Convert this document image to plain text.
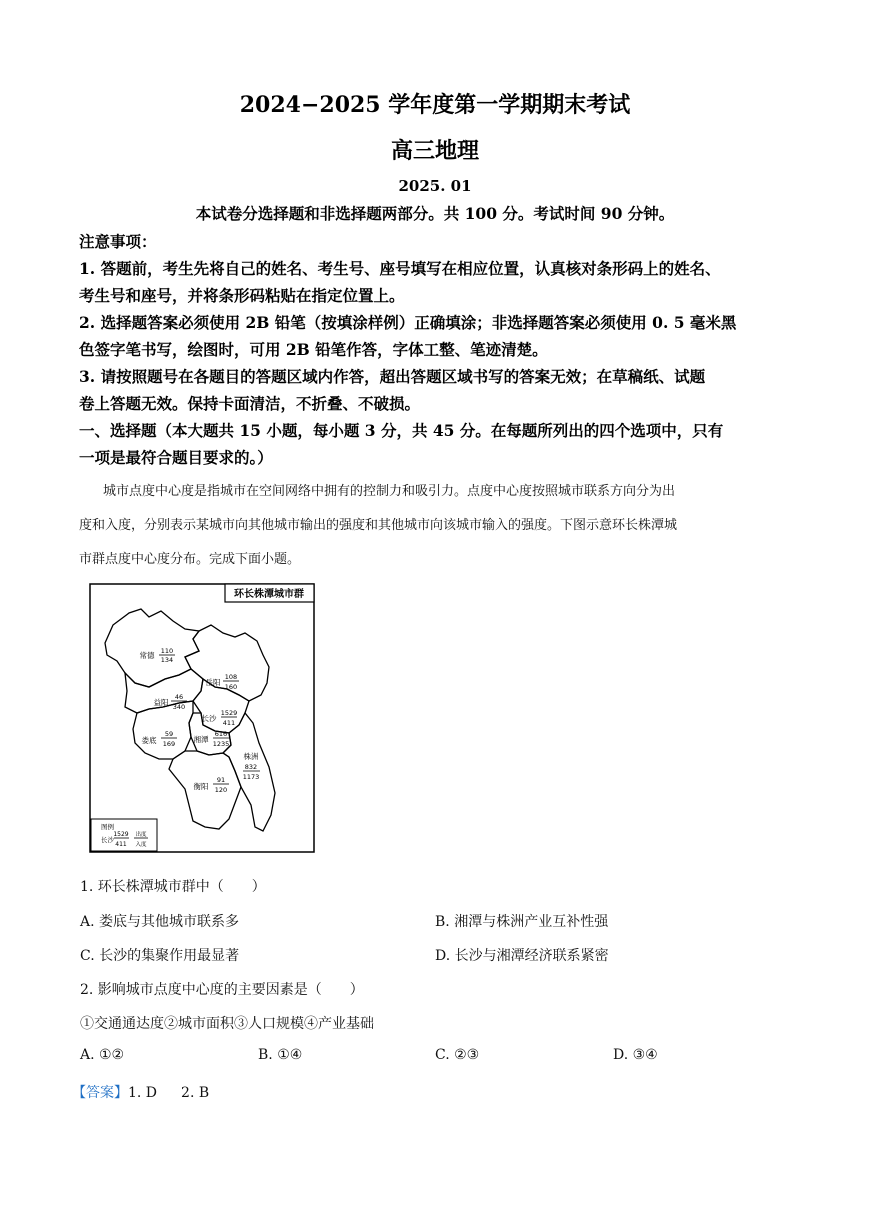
2024−2025 学年度第一学期期末考试
高三地理
2025. 01
本试卷分选择题和非选择题两部分。共 100 分。考试时间 90 分钟。
注意事项：
1. 答题前，考生先将自己的姓名、考生号、座号填写在相应位置，认真核对条形码上的姓名、
考生号和座号，并将条形码粘贴在指定位置上。
2. 选择题答案必须使用 2B 铅笔（按填涂样例）正确填涂；非选择题答案必须使用 0. 5 毫米黑
色签字笔书写，绘图时，可用 2B 铅笔作答，字体工整、笔迹清楚。
3. 请按照题号在各题目的答题区域内作答，超出答题区域书写的答案无效；在草稿纸、试题
卷上答题无效。保持卡面清洁，不折叠、不破损。
一、选择题（本大题共 15 小题，每小题 3 分，共 45 分。在每题所列出的四个选项中，只有
一项是最符合题目要求的。）
城市点度中心度是指城市在空间网络中拥有的控制力和吸引力。点度中心度按照城市联系方向分为出
度和入度，分别表示某城市向其他城市输出的强度和其他城市向该城市输入的强度。下图示意环长株潭城
市群点度中心度分布。完成下面小题。
环长株潭城市群
常德 110
134
岳阳
108
160
益阳
46
340
长沙
1529
411
娄底
59
169 湘潭
616
1235
株洲
832
1173
衡阳
91
120
图例
长沙
1529
411
出度
入度
1. 环长株潭城市群中（　　）
A. 娄底与其他城市联系多	B. 湘潭与株洲产业互补性强
C. 长沙的集聚作用最显著	D. 长沙与湘潭经济联系紧密
2. 影响城市点度中心度的主要因素是（　　）
①交通通达度②城市面积③人口规模④产业基础
A. ①②	B. ①④	C. ②③	D. ③④
【答案】1. D 2. B
